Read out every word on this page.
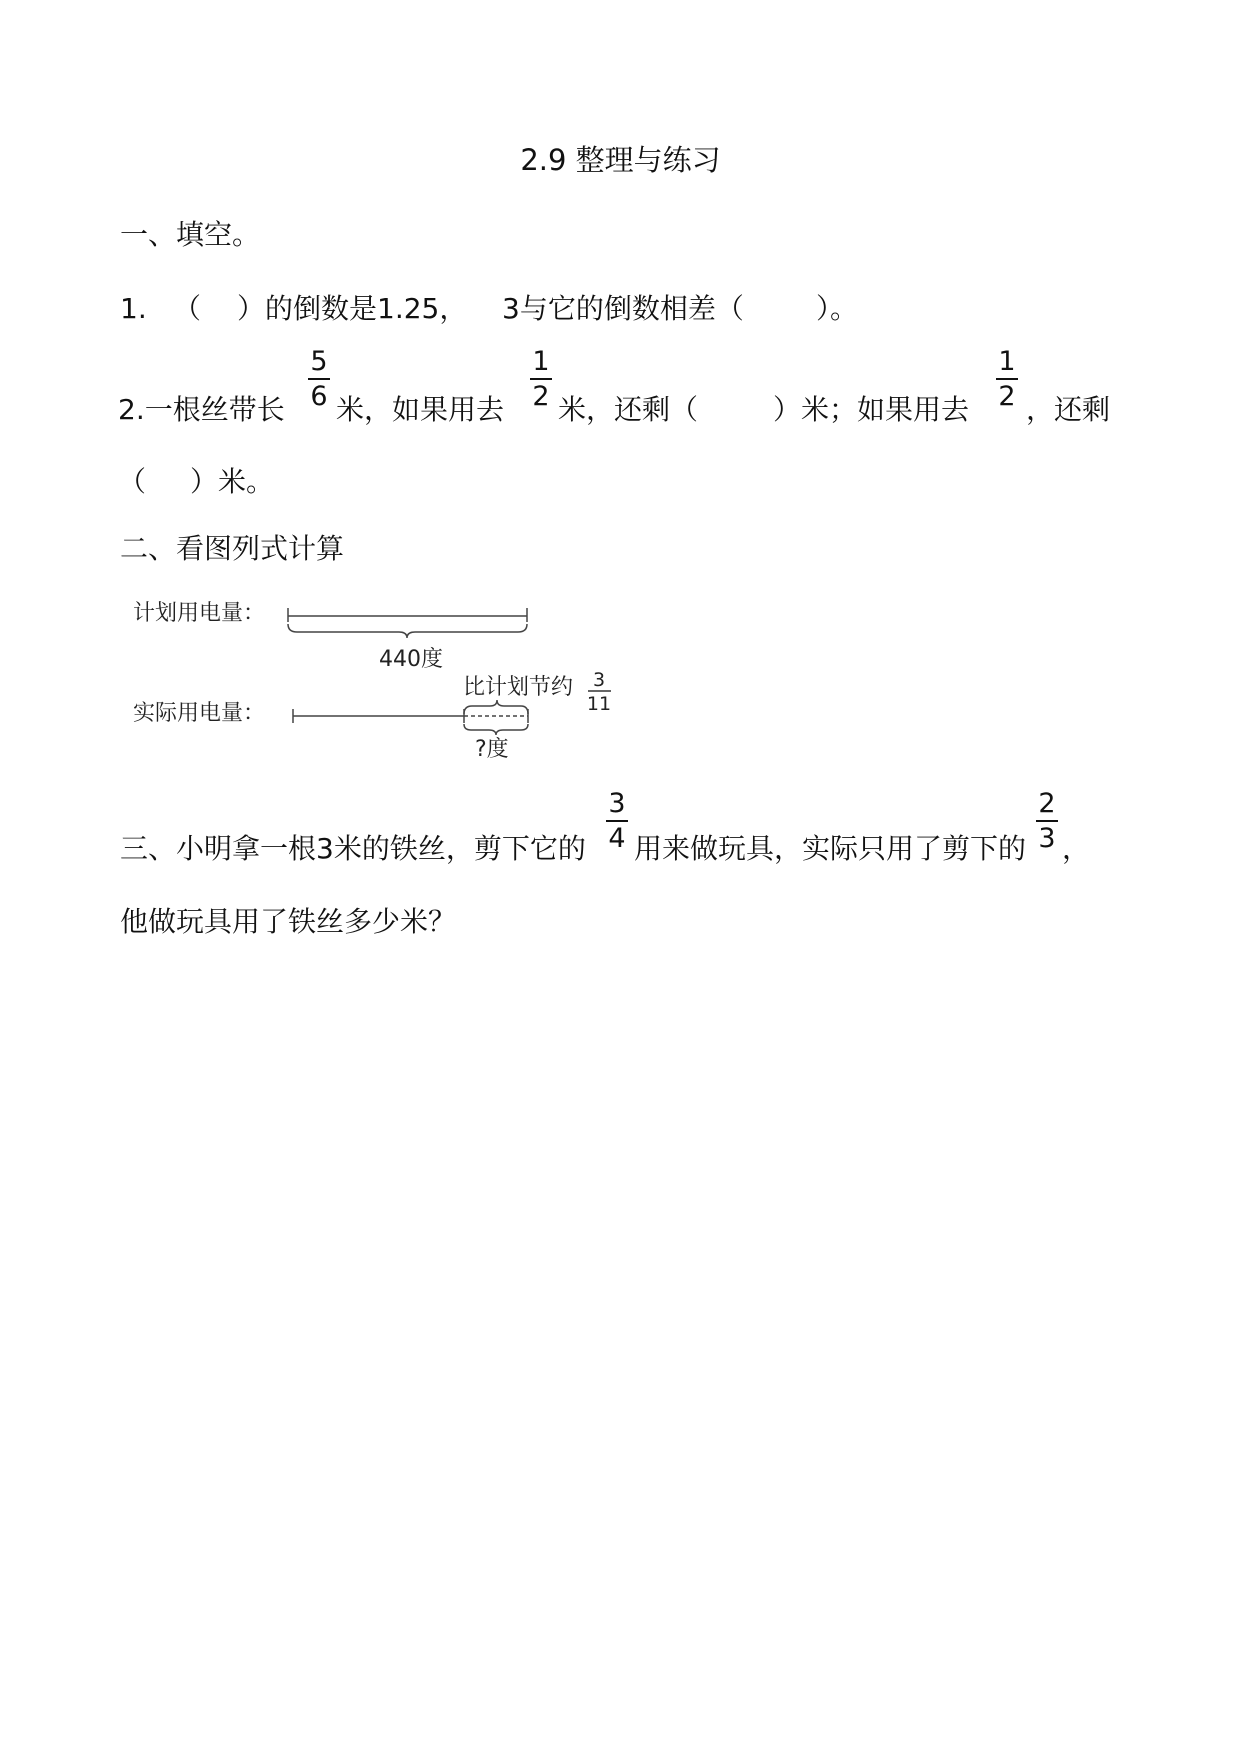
2.9 整理与练习
一、填空。
1. （ ）的倒数是1.25， 3与它的倒数相差（	）。
2.一根丝带长
5
6 米，如果用去
1
2 米，还剩（	）米；如果用去
1
2 ，还剩
（ ）米。
二、看图列式计算
计划用电量：
440度
比计划节约 3
11
实际用电量：
?度
三、小明拿一根3米的铁丝，剪下它的
3
4 用来做玩具，实际只用了剪下的
2
3 ，
他做玩具用了铁丝多少米？
